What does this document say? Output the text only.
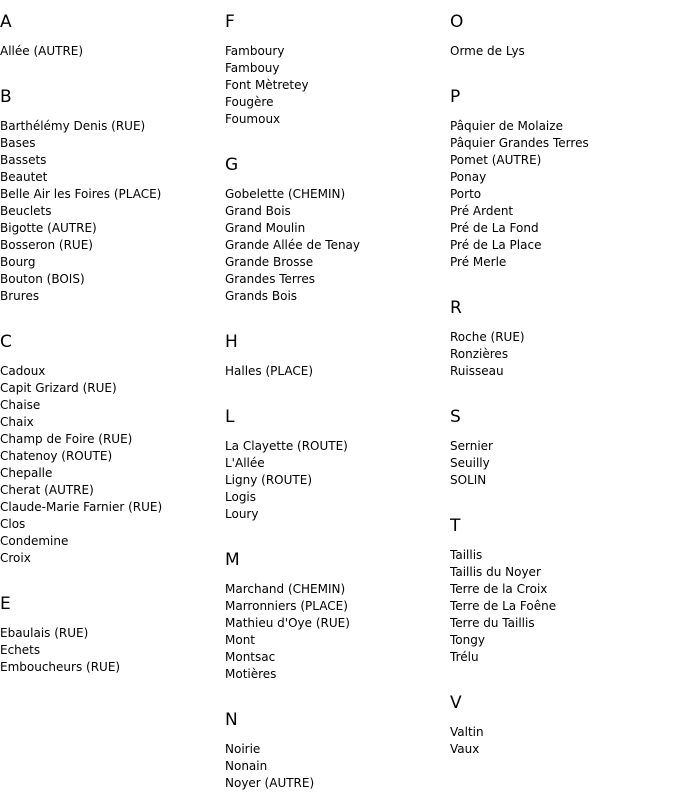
A
Allée (AUTRE)
B
Barthélémy Denis (RUE)
Bases
Bassets
Beautet
Belle Air les Foires (PLACE)
Beuclets
Bigotte (AUTRE)
Bosseron (RUE)
Bourg
Bouton (BOIS)
Brures
C
Cadoux
Capit Grizard (RUE)
Chaise
Chaix
Champ de Foire (RUE)
Chatenoy (ROUTE)
Chepalle
Cherat (AUTRE)
Claude-Marie Farnier (RUE)
Clos
Condemine
Croix
E
Ebaulais (RUE)
Echets
Emboucheurs (RUE)
F
Famboury
Fambouy
Font Mètretey
Fougère
Foumoux
G
Gobelette (CHEMIN)
Grand Bois
Grand Moulin
Grande Allée de Tenay
Grande Brosse
Grandes Terres
Grands Bois
H
Halles (PLACE)
L
La Clayette (ROUTE)
L'Allée
Ligny (ROUTE)
Logis
Loury
M
Marchand (CHEMIN)
Marronniers (PLACE)
Mathieu d'Oye (RUE)
Mont
Montsac
Motières
N
Noirie
Nonain
Noyer (AUTRE)
O
Orme de Lys
P
Pâquier de Molaize
Pâquier Grandes Terres
Pomet (AUTRE)
Ponay
Porto
Pré Ardent
Pré de La Fond
Pré de La Place
Pré Merle
R
Roche (RUE)
Ronzières
Ruisseau
S
Sernier
Seuilly
SOLIN
T
Taillis
Taillis du Noyer
Terre de la Croix
Terre de La Foêne
Terre du Taillis
Tongy
Trélu
V
Valtin
Vaux
